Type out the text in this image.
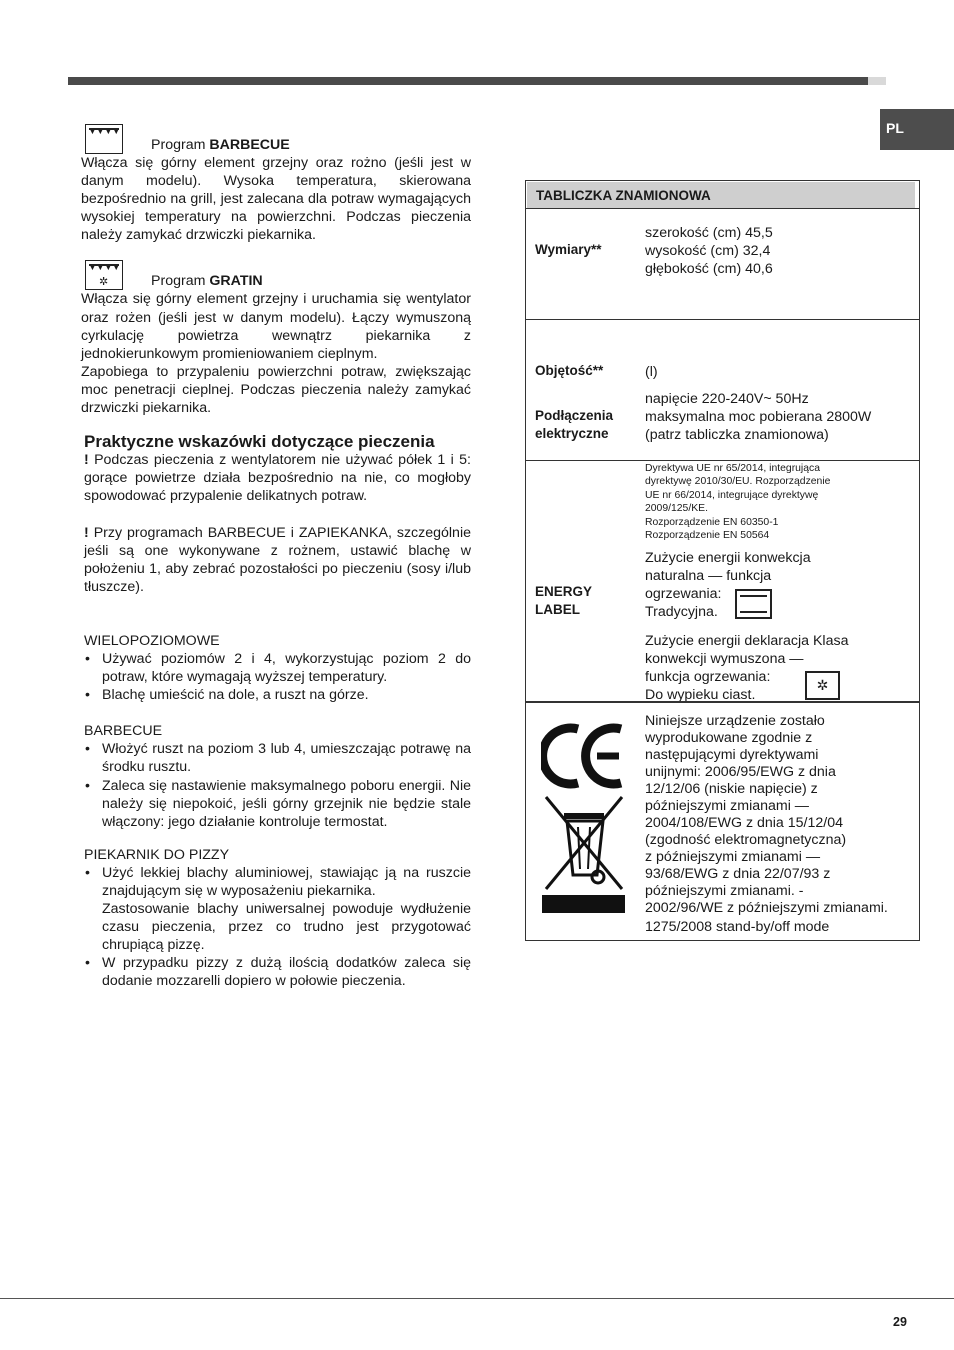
PL
▼▼▼▼
Program BARBECUE

Włącza się górny element grzejny oraz rożno (jeśli jest w danym modelu). Wysoka temperatura, skierowana bezpośrednio na grill, jest zalecana dla potraw wymagających wysokiej temperatury na powierzchni. Podczas pieczenia należy zamykać drzwiczki piekarnika.

▼▼▼▼
✲	Program GRATIN

Włącza się górny element grzejny i uruchamia się wentylator oraz rożen (jeśli jest w danym modelu). Łączy wymuszoną cyrkulację powietrza wewnątrz piekarnika z jednokierunkowym promieniowaniem cieplnym.

Zapobiega to przypaleniu powierzchni potraw, zwiększając moc penetracji cieplnej. Podczas pieczenia należy zamykać drzwiczki piekarnika.

Praktyczne wskazówki dotyczące pieczenia

! Podczas pieczenia z wentylatorem nie używać półek 1 i 5: gorące powietrze działa bezpośrednio na nie, co mogłoby spowodować przypalenie delikatnych potraw.

! Przy programach BARBECUE i ZAPIEKANKA, szczególnie jeśli są one wykonywane z rożnem, ustawić blachę w położeniu 1, aby zebrać pozostałości po pieczeniu (sosy i/lub tłuszcze).

WIELOPOZIOMOWE

• Używać poziomów 2 i 4, wykorzystując poziom 2 do potraw, które wymagają wyższej temperatury.
• Blachę umieścić na dole, a ruszt na górze.

BARBECUE

• Włożyć ruszt na poziom 3 lub 4, umieszczając potrawę na środku rusztu.
• Zaleca się nastawienie maksymalnego poboru energii. Nie należy się niepokoić, jeśli górny grzejnik nie będzie stale włączony: jego działanie kontroluje termostat.

PIEKARNIK DO PIZZY

• Użyć lekkiej blachy aluminiowej, stawiając ją na ruszcie znajdującym się w wyposażeniu piekarnika.
Zastosowanie blachy uniwersalnej powoduje wydłużenie czasu pieczenia, przez co trudno jest przygotować chrupiącą pizzę.
• W przypadku pizzy z dużą ilością dodatków zaleca się dodanie mozzarelli dopiero w połowie pieczenia.
TABLICZKA ZNAMIONOWA
Wymiary**
szerokość (cm) 45,5
wysokość (cm) 32,4
głębokość (cm) 40,6
Objętość**	(l)
Podłączenia
elektryczne
napięcie 220-240V~ 50Hz
maksymalna moc pobierana 2800W
(patrz tabliczka znamionowa)
Dyrektywa UE nr 65/2014, integrująca
dyrektywę 2010/30/EU. Rozporządzenie
UE nr 66/2014, integrujące dyrektywę
2009/125/KE.
Rozporządzenie EN 60350-1
Rozporządzenie EN 50564
ENERGY
LABEL
Zużycie energii konwekcja
naturalna — funkcja
ogrzewania:
Tradycyjna.
Zużycie energii deklaracja Klasa
konwekcji wymuszona —
funkcja ogrzewania:
Do wypieku ciast.
✲
Niniejsze urządzenie zostało
wyprodukowane zgodnie z
następującymi dyrektywami
unijnymi: 2006/95/EWG z dnia
12/12/06 (niskie napięcie) z
późniejszymi zmianami —
2004/108/EWG z dnia 15/12/04
(zgodność elektromagnetyczna)
z późniejszymi zmianami —
93/68/EWG z dnia 22/07/93 z
późniejszymi zmianami. -
2002/96/WE z późniejszymi zmianami.
1275/2008 stand-by/off mode
29
